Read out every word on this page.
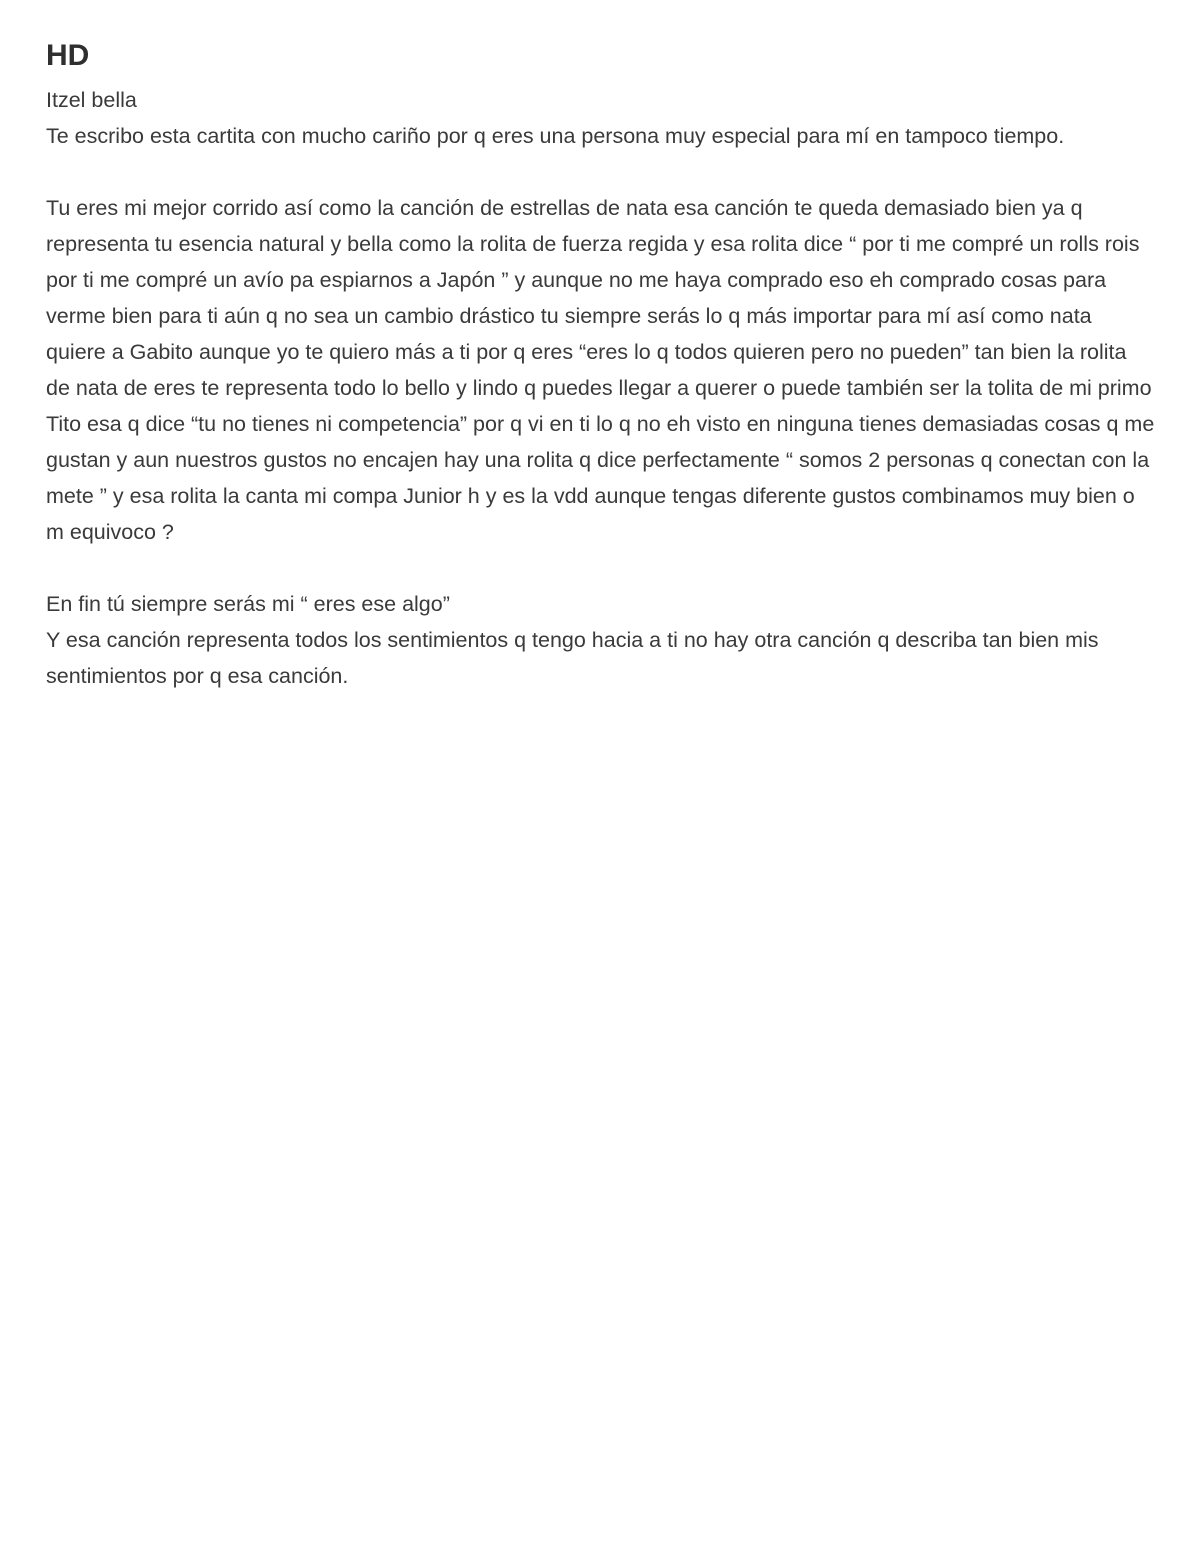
HD

Itzel bella
Te escribo esta cartita con mucho cariño por q eres una persona muy especial para mí en tampoco tiempo.

Tu eres mi mejor corrido así como la canción de estrellas de nata esa canción te queda demasiado bien ya q representa tu esencia natural y bella como la rolita de fuerza regida y esa rolita dice “ por ti me compré un rolls rois por ti me compré un avío pa espiarnos a Japón ” y aunque no me haya comprado eso eh comprado cosas para verme bien para ti aún q no sea un cambio drástico tu siempre serás lo q más importar para mí así como nata quiere a Gabito aunque yo te quiero más a ti por q eres “eres lo q todos quieren pero no pueden” tan bien la rolita de nata de eres te representa todo lo bello y lindo q puedes llegar a querer o puede también ser la tolita de mi primo Tito esa q dice “tu no tienes ni competencia” por q vi en ti lo q no eh visto en ninguna tienes demasiadas cosas q me gustan y aun nuestros gustos no encajen hay una rolita q dice perfectamente “ somos 2 personas q conectan con la mete ” y esa rolita la canta mi compa Junior h y es la vdd aunque tengas diferente gustos combinamos muy bien o m equivoco ?

En fin tú siempre serás mi “ eres ese algo”
Y esa canción representa todos los sentimientos q tengo hacia a ti no hay otra canción q describa tan bien mis sentimientos por q esa canción.
